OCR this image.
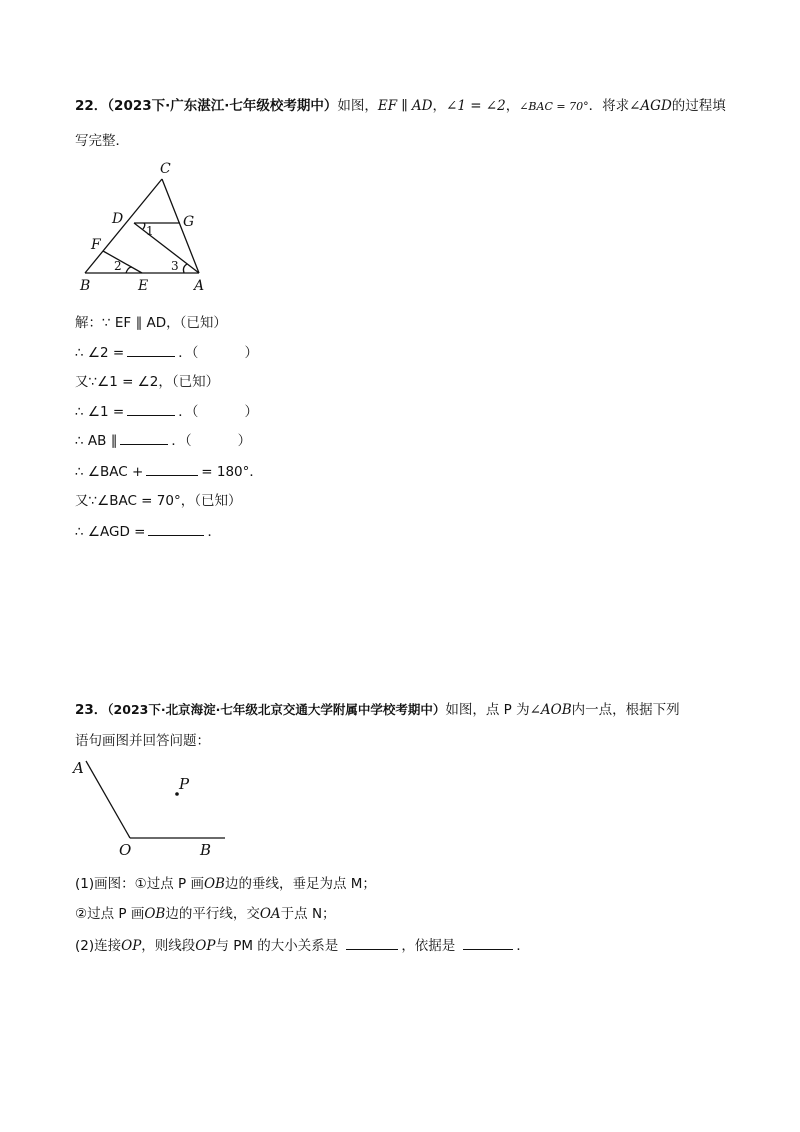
22．（2023下·广东湛江·七年级校考期中）如图，EF ∥ AD，∠1 = ∠2，∠BAC = 70°．将求∠AGD的过程填
写完整．
C
D	G
F
B	E	A
1
2	3
解：∵ EF ∥ AD，（已知）
∴ ∠2 =	．（	）
又∵∠1 = ∠2，（已知）
∴ ∠1 =	．（	）
∴ AB ∥	．（	）
∴ ∠BAC +	= 180°．
又∵∠BAC = 70°，（已知）
∴ ∠AGD =	．
23．（2023下·北京海淀·七年级北京交通大学附属中学校考期中）如图，点 P 为∠AOB内一点，根据下列
语句画图并回答问题：
A
P
O	B
(1)画图：①过点 P 画OB边的垂线，垂足为点 M；
②过点 P 画OB边的平行线，交OA于点 N；
(2)连接OP，则线段OP与 PM 的大小关系是	，依据是	．
